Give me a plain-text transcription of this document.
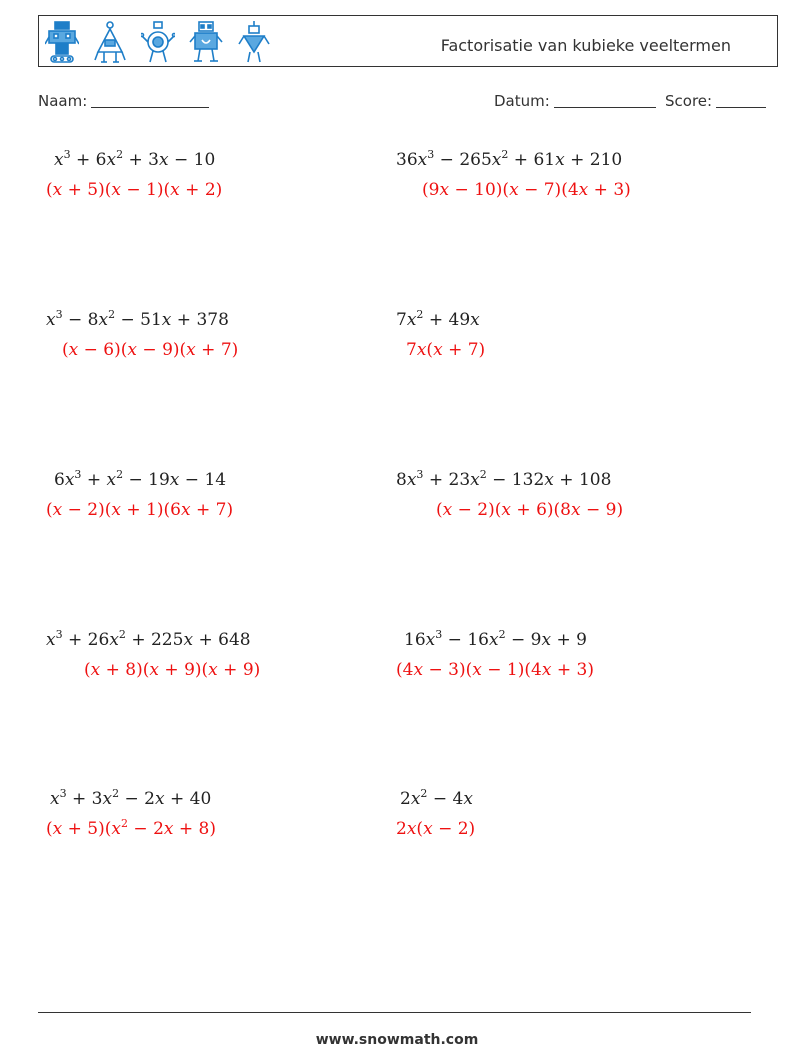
Factorisatie van kubieke veeltermen
Naam:	Datum:	Score:
$x^3 + 6x^2 + 3x - 10$
(x + 5)(x − 1)(x + 2)
$36x^3 - 265x^2 + 61x + 210$
(9x − 10)(x − 7)(4x + 3)
$x^3 - 8x^2 - 51x + 378$
(x − 6)(x − 9)(x + 7)
$7x^2 + 49x$
7x(x + 7)
$6x^3 + x^2 - 19x - 14$
(x − 2)(x + 1)(6x + 7)
$8x^3 + 23x^2 - 132x + 108$
(x − 2)(x + 6)(8x − 9)
$x^3 + 26x^2 + 225x + 648$
(x + 8)(x + 9)(x + 9)
$16x^3 - 16x^2 - 9x + 9$
(4x − 3)(x − 1)(4x + 3)
$x^3 + 3x^2 - 2x + 40$
$(x + 5)(x^2 - 2x + 8)$
$2x^2 - 4x$
2x(x − 2)
www.snowmath.com
